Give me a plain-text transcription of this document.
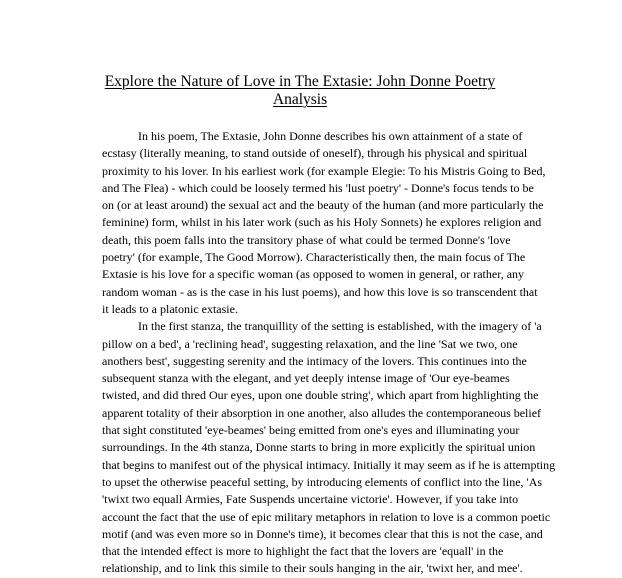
Explore the Nature of Love in The Extasie: John Donne Poetry
Analysis
In his poem, The Extasie, John Donne describes his own attainment of a state of
ecstasy (literally meaning, to stand outside of oneself), through his physical and spiritual
proximity to his lover. In his earliest work (for example Elegie: To his Mistris Going to Bed,
and The Flea) - which could be loosely termed his 'lust poetry' - Donne's focus tends to be
on (or at least around) the sexual act and the beauty of the human (and more particularly the
feminine) form, whilst in his later work (such as his Holy Sonnets) he explores religion and
death, this poem falls into the transitory phase of what could be termed Donne's 'love
poetry' (for example, The Good Morrow). Characteristically then, the main focus of The
Extasie is his love for a specific woman (as opposed to women in general, or rather, any
random woman - as is the case in his lust poems), and how this love is so transcendent that
it leads to a platonic extasie.
In the first stanza, the tranquillity of the setting is established, with the imagery of 'a
pillow on a bed', a 'reclining head', suggesting relaxation, and the line 'Sat we two, one
anothers best', suggesting serenity and the intimacy of the lovers. This continues into the
subsequent stanza with the elegant, and yet deeply intense image of 'Our eye-beames
twisted, and did thred Our eyes, upon one double string', which apart from highlighting the
apparent totality of their absorption in one another, also alludes the contemporaneous belief
that sight constituted 'eye-beames' being emitted from one's eyes and illuminating your
surroundings. In the 4th stanza, Donne starts to bring in more explicitly the spiritual union
that begins to manifest out of the physical intimacy. Initially it may seem as if he is attempting
to upset the otherwise peaceful setting, by introducing elements of conflict into the line, 'As
'twixt two equall Armies, Fate Suspends uncertaine victorie'. However, if you take into
account the fact that the use of epic military metaphors in relation to love is a common poetic
motif (and was even more so in Donne's time), it becomes clear that this is not the case, and
that the intended effect is more to highlight the fact that the lovers are 'equall' in the
relationship, and to link this simile to their souls hanging in the air, 'twixt her, and mee'.
